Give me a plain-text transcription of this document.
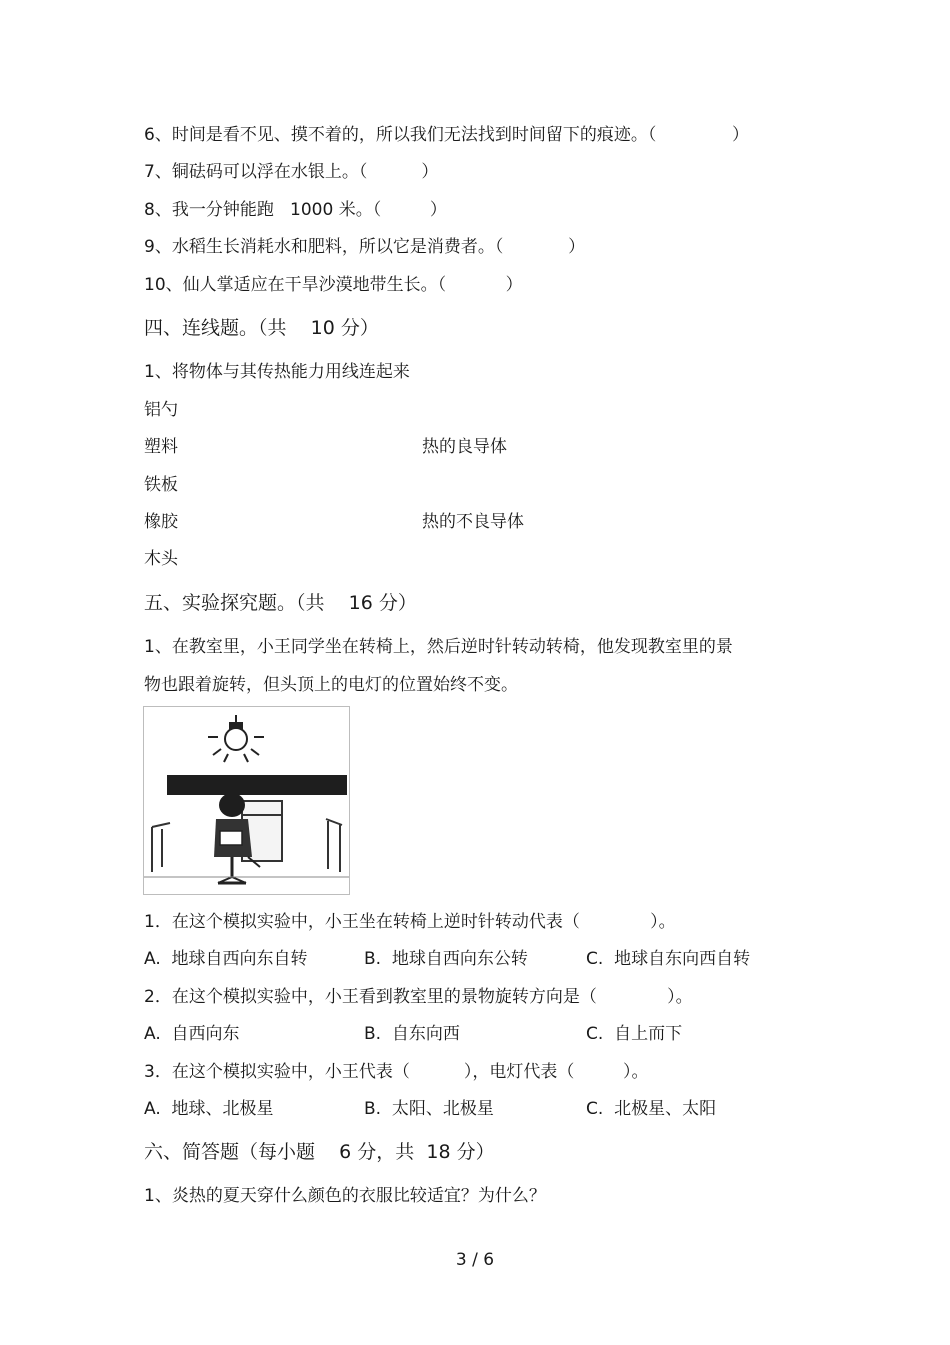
6、时间是看不见、摸不着的，所以我们无法找到时间留下的痕迹。（              ）
7、铜砝码可以浮在水银上。（          ）
8、我一分钟能跑   1000 米。（         ）
9、水稻生长消耗水和肥料，所以它是消费者。（            ）
10、仙人掌适应在干旱沙漠地带生长。（           ）
四、连线题。（共    10 分）
1、将物体与其传热能力用线连起来
铝勺
塑料
铁板
橡胶
木头
热的良导体
热的不良导体
五、实验探究题。（共    16 分）
1、在教室里，小王同学坐在转椅上，然后逆时针转动转椅，他发现教室里的景
物也跟着旋转，但头顶上的电灯的位置始终不变。
1．在这个模拟实验中，小王坐在转椅上逆时针转动代表（             ）。
A.  地球自西向东自转	B.  地球自西向东公转	C.  地球自东向西自转
2．在这个模拟实验中，小王看到教室里的景物旋转方向是（             ）。
A.  自西向东	B.  自东向西	C.  自上而下
3．在这个模拟实验中，小王代表（          ），电灯代表（         ）。
A.  地球、北极星	B.  太阳、北极星	C.  北极星、太阳
六、简答题（每小题    6 分，共  18 分）
1、炎热的夏天穿什么颜色的衣服比较适宜？为什么？
3 / 6
